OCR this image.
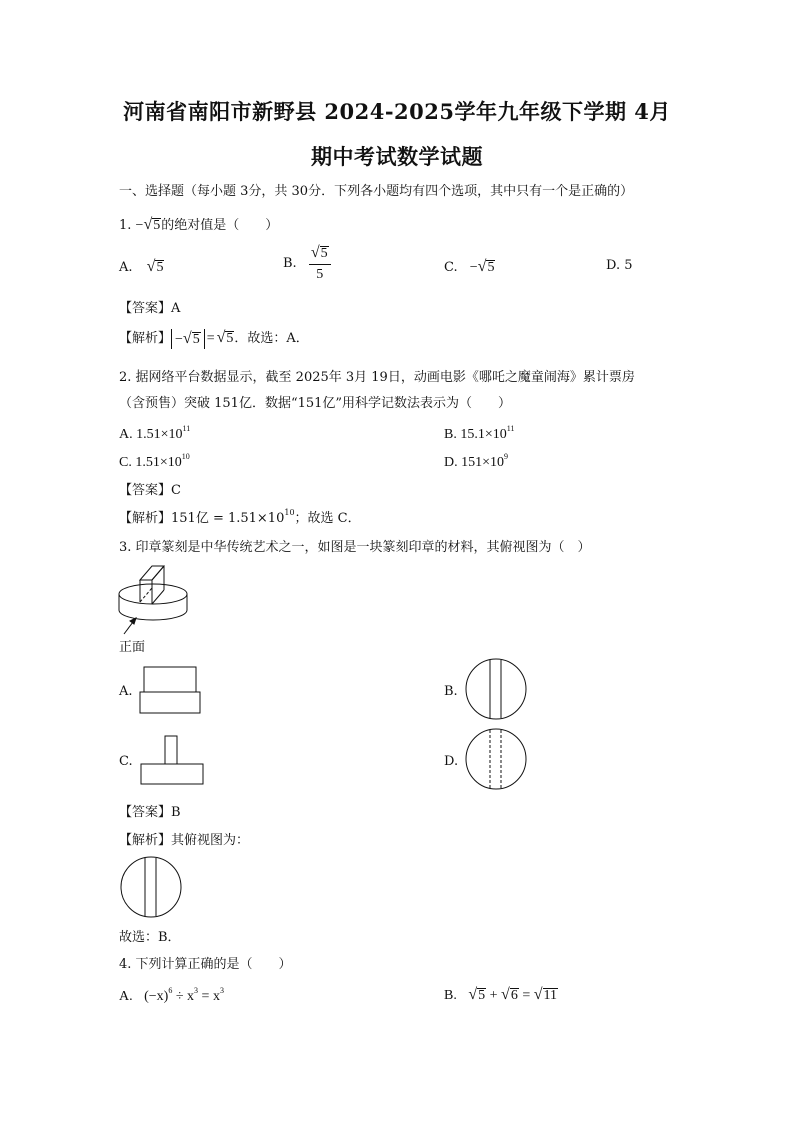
河南省南阳市新野县 2024-2025学年九年级下学期 4月
期中考试数学试题
一、选择题（每小题 3分，共 30分．下列各小题均有四个选项，其中只有一个是正确的）
1. −√5的绝对值是（　　）
A. √5	B. $\frac{√5}{5}$	C. −√5	D. 5
【答案】A
【解析】 −√5 = √5．故选：A．
2. 据网络平台数据显示，截至 2025年 3月 19日，动画电影《哪吒之魔童闹海》累计票房
（含预售）突破 151亿．数据“151亿”用科学记数法表示为（　　）
A. $1.51\times 10^{11}$	B. $15.1\times 10^{11}$
C. $1.51\times 10^{10}$	D. $151\times 10^9$
【答案】C
【解析】151亿 = $1.51\times 10^{10}$；故选 C．
3. 印章篆刻是中华传统艺术之一，如图是一块篆刻印章的材料，其俯视图为（　）
正面
A.	B.
C.	D.
【答案】B
【解析】其俯视图为：
故选：B．
4. 下列计算正确的是（　　）
A. $(-x)^6 \div x^3 = x^3$	B. √5 + √6 = √11
